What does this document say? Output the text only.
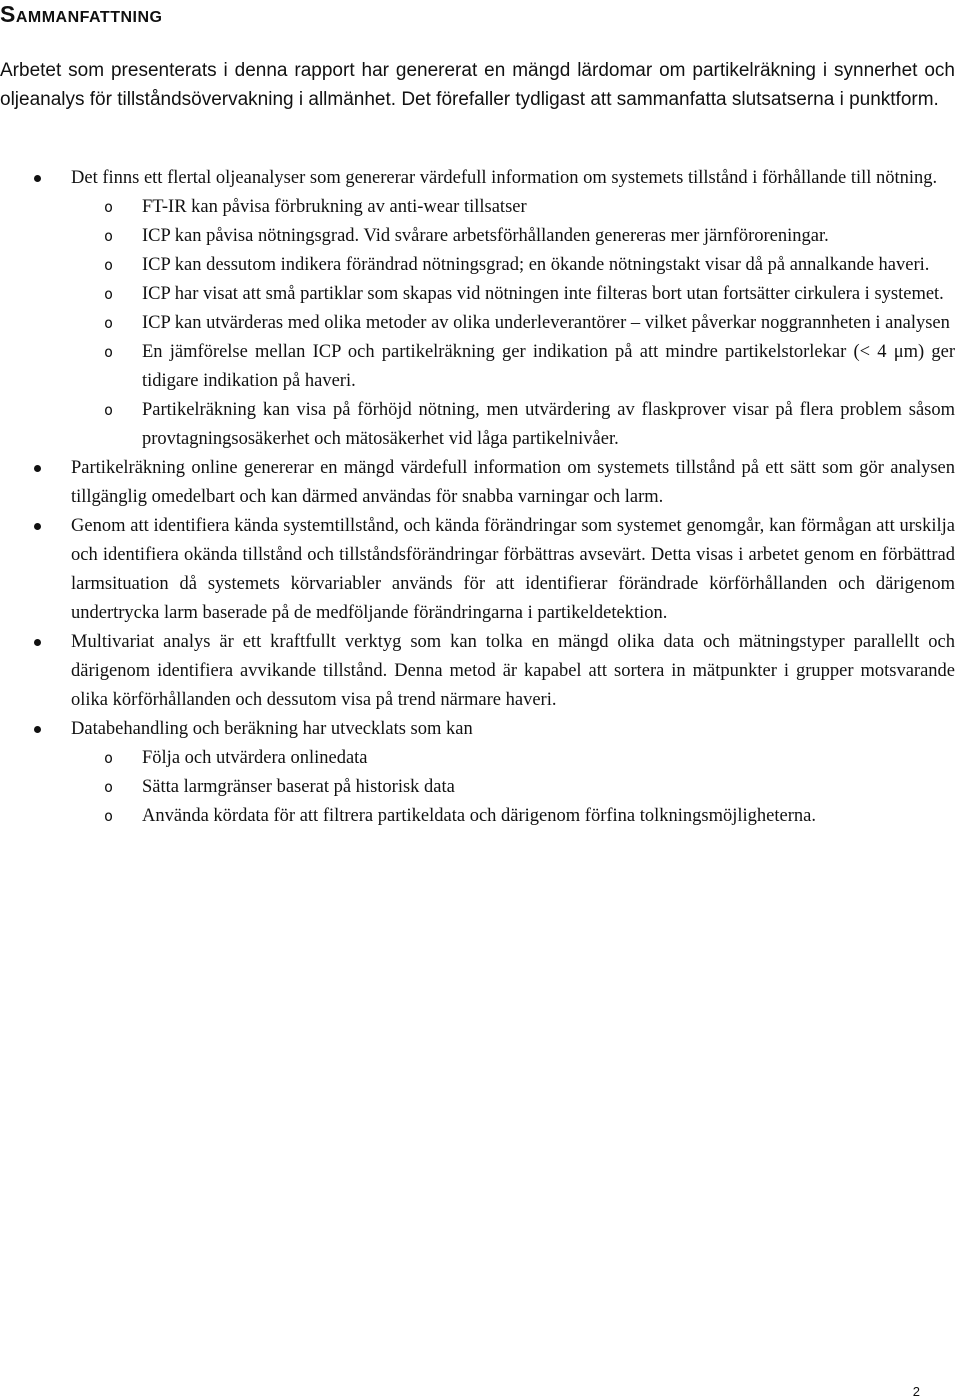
Sammanfattning

Arbetet som presenterats i denna rapport har genererat en mängd lärdomar om partikelräkning i synnerhet och oljeanalys för tillståndsövervakning i allmänhet. Det förefaller tydligast att sammanfatta slutsatserna i punktform.

Det finns ett flertal oljeanalyser som genererar värdefull information om systemets tillstånd i förhållande till nötning.
o FT-IR kan påvisa förbrukning av anti-wear tillsatser
o ICP kan påvisa nötningsgrad. Vid svårare arbetsförhållanden genereras mer järnföroreningar.
o ICP kan dessutom indikera förändrad nötningsgrad; en ökande nötningstakt visar då på annalkande haveri.
o ICP har visat att små partiklar som skapas vid nötningen inte filteras bort utan fortsätter cirkulera i systemet.
o ICP kan utvärderas med olika metoder av olika underleverantörer – vilket påverkar noggrannheten i analysen
o En jämförelse mellan ICP och partikelräkning ger indikation på att mindre partikelstorlekar (< 4 μm) ger tidigare indikation på haveri.
o Partikelräkning kan visa på förhöjd nötning, men utvärdering av flaskprover visar på flera problem såsom provtagningsosäkerhet och mätosäkerhet vid låga partikelnivåer.
Partikelräkning online genererar en mängd värdefull information om systemets tillstånd på ett sätt som gör analysen tillgänglig omedelbart och kan därmed användas för snabba varningar och larm.
Genom att identifiera kända systemtillstånd, och kända förändringar som systemet genomgår, kan förmågan att urskilja och identifiera okända tillstånd och tillståndsförändringar förbättras avsevärt. Detta visas i arbetet genom en förbättrad larmsituation då systemets körvariabler används för att identifierar förändrade körförhållanden och därigenom undertrycka larm baserade på de medföljande förändringarna i partikeldetektion.
Multivariat analys är ett kraftfullt verktyg som kan tolka en mängd olika data och mätningstyper parallellt och därigenom identifiera avvikande tillstånd. Denna metod är kapabel att sortera in mätpunkter i grupper motsvarande olika körförhållanden och dessutom visa på trend närmare haveri.
Databehandling och beräkning har utvecklats som kan
o Följa och utvärdera onlinedata
o Sätta larmgränser baserat på historisk data
o Använda kördata för att filtrera partikeldata och därigenom förfina tolkningsmöjligheterna.
2
